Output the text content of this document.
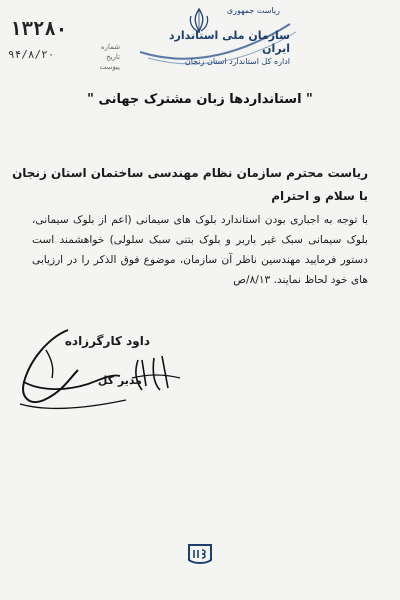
۱۳۲۸۰
۹۴/۸/۲۰
شماره
تاریخ
پیوست
ریاست جمهوری
سازمان ملی استاندارد ایران
اداره کل استاندارد استان زنجان
" استانداردها زبان مشترک جهانی "
ریاست محترم سازمان نظام مهندسی ساختمان استان زنجان
با سلام و احترام
با توجه به اجباری بودن استاندارد بلوک های سیمانی (اعم از بلوک سیمانی، بلوک سیمانی سبک غیر باربر و بلوک بتنی سبک سلولی) خواهشمند است دستور فرمایید مهندسین ناظر آن سازمان، موضوع فوق الذکر را در ارزیابی های خود لحاظ نمایند. ۸/۱۳/ص
داود کارگرزاده
مدیر کل
